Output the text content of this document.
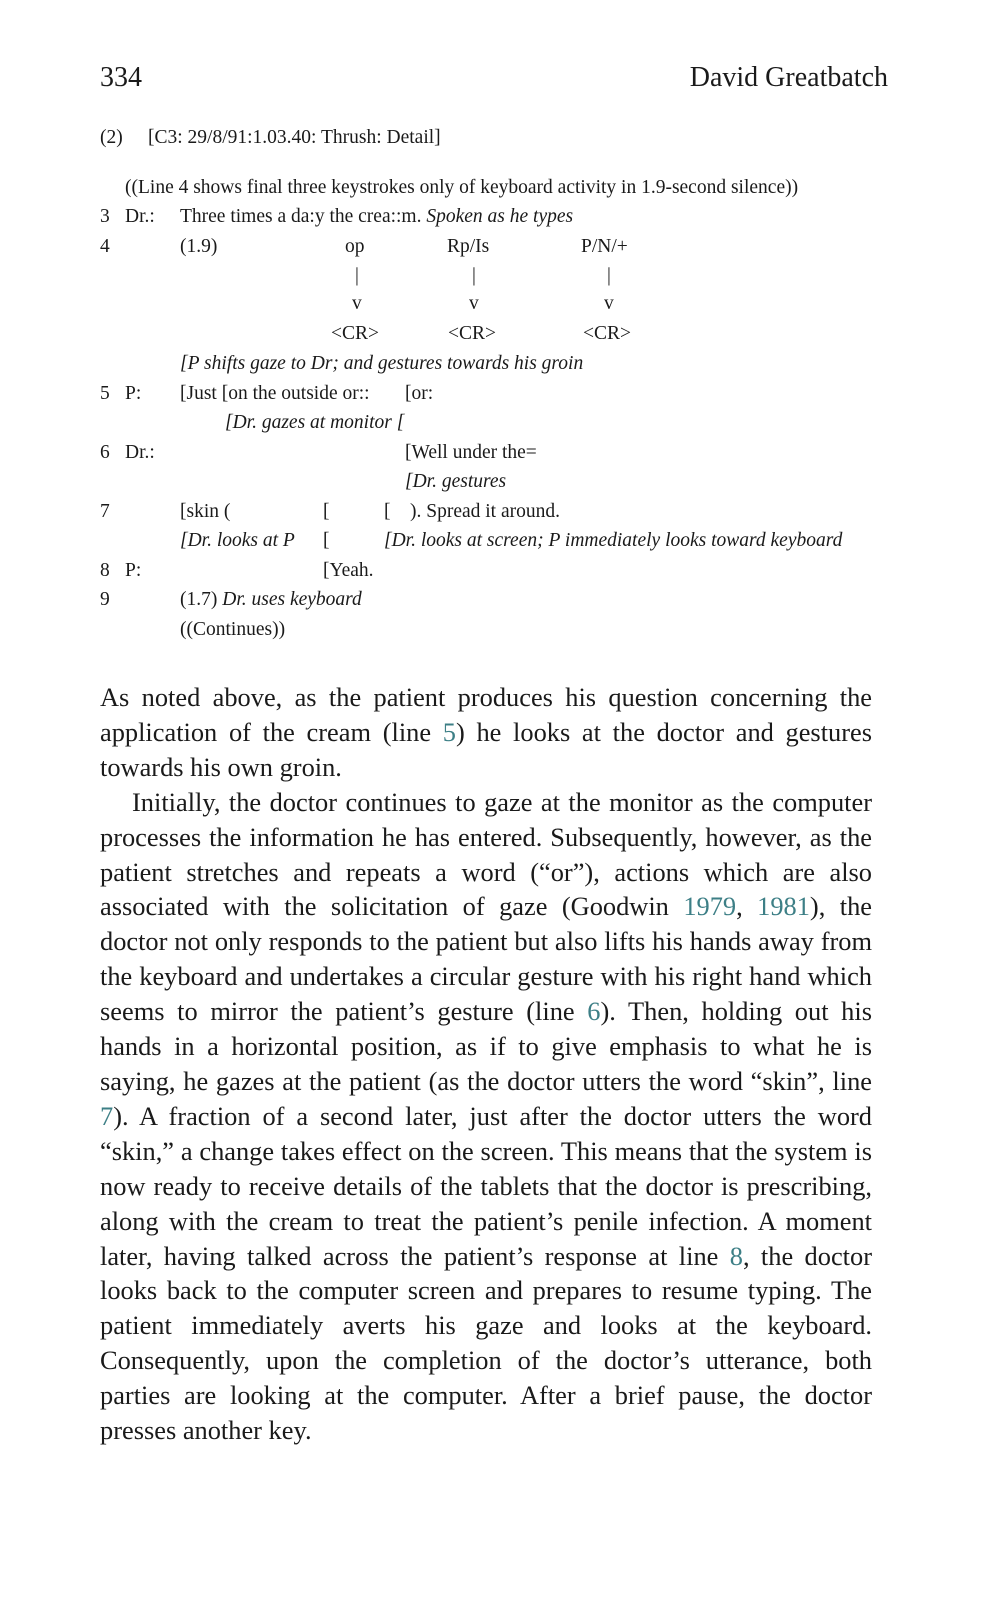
334	David Greatbatch
(2) [C3: 29/8/91:1.03.40: Thrush: Detail]
((Line 4 shows final three keystrokes only of keyboard activity in 1.9-second silence))
3 Dr.: Three times a da:y the crea::m. Spoken as he types
4	(1.9)	op	Rp/Is	P/N/+
|	|	|
v	v	v
<CR>	<CR>	<CR>
[P shifts gaze to Dr; and gestures towards his groin
5 P: [Just [on the outside or:: [or:
[Dr. gazes at monitor [
6 Dr.:	[Well under the=
[Dr. gestures
7	[skin (	[	[ ). Spread it around.
[Dr. looks at P [	[Dr. looks at screen; P immediately looks toward keyboard
8 P:	[Yeah.
9	(1.7) Dr. uses keyboard
((Continues))

As noted above, as the patient produces his question concerning the application of the cream (line 5) he looks at the doctor and gestures towards his own groin.

Initially, the doctor continues to gaze at the monitor as the computer processes the information he has entered. Subsequently, however, as the patient stretches and repeats a word (“or”), actions which are also associated with the solicitation of gaze (Goodwin 1979, 1981), the doctor not only responds to the patient but also lifts his hands away from the keyboard and undertakes a circular gesture with his right hand which seems to mirror the patient’s gesture (line 6). Then, holding out his hands in a horizontal position, as if to give emphasis to what he is saying, he gazes at the patient (as the doctor utters the word “skin”, line 7). A fraction of a second later, just after the doctor utters the word “skin,” a change takes effect on the screen. This means that the system is now ready to receive details of the tablets that the doctor is prescribing, along with the cream to treat the patient’s penile infection. A moment later, having talked across the patient’s response at line 8, the doctor looks back to the computer screen and prepares to resume typing. The patient immediately averts his gaze and looks at the keyboard. Consequently, upon the completion of the doctor’s utterance, both parties are looking at the computer. After a brief pause, the doctor presses another key.
